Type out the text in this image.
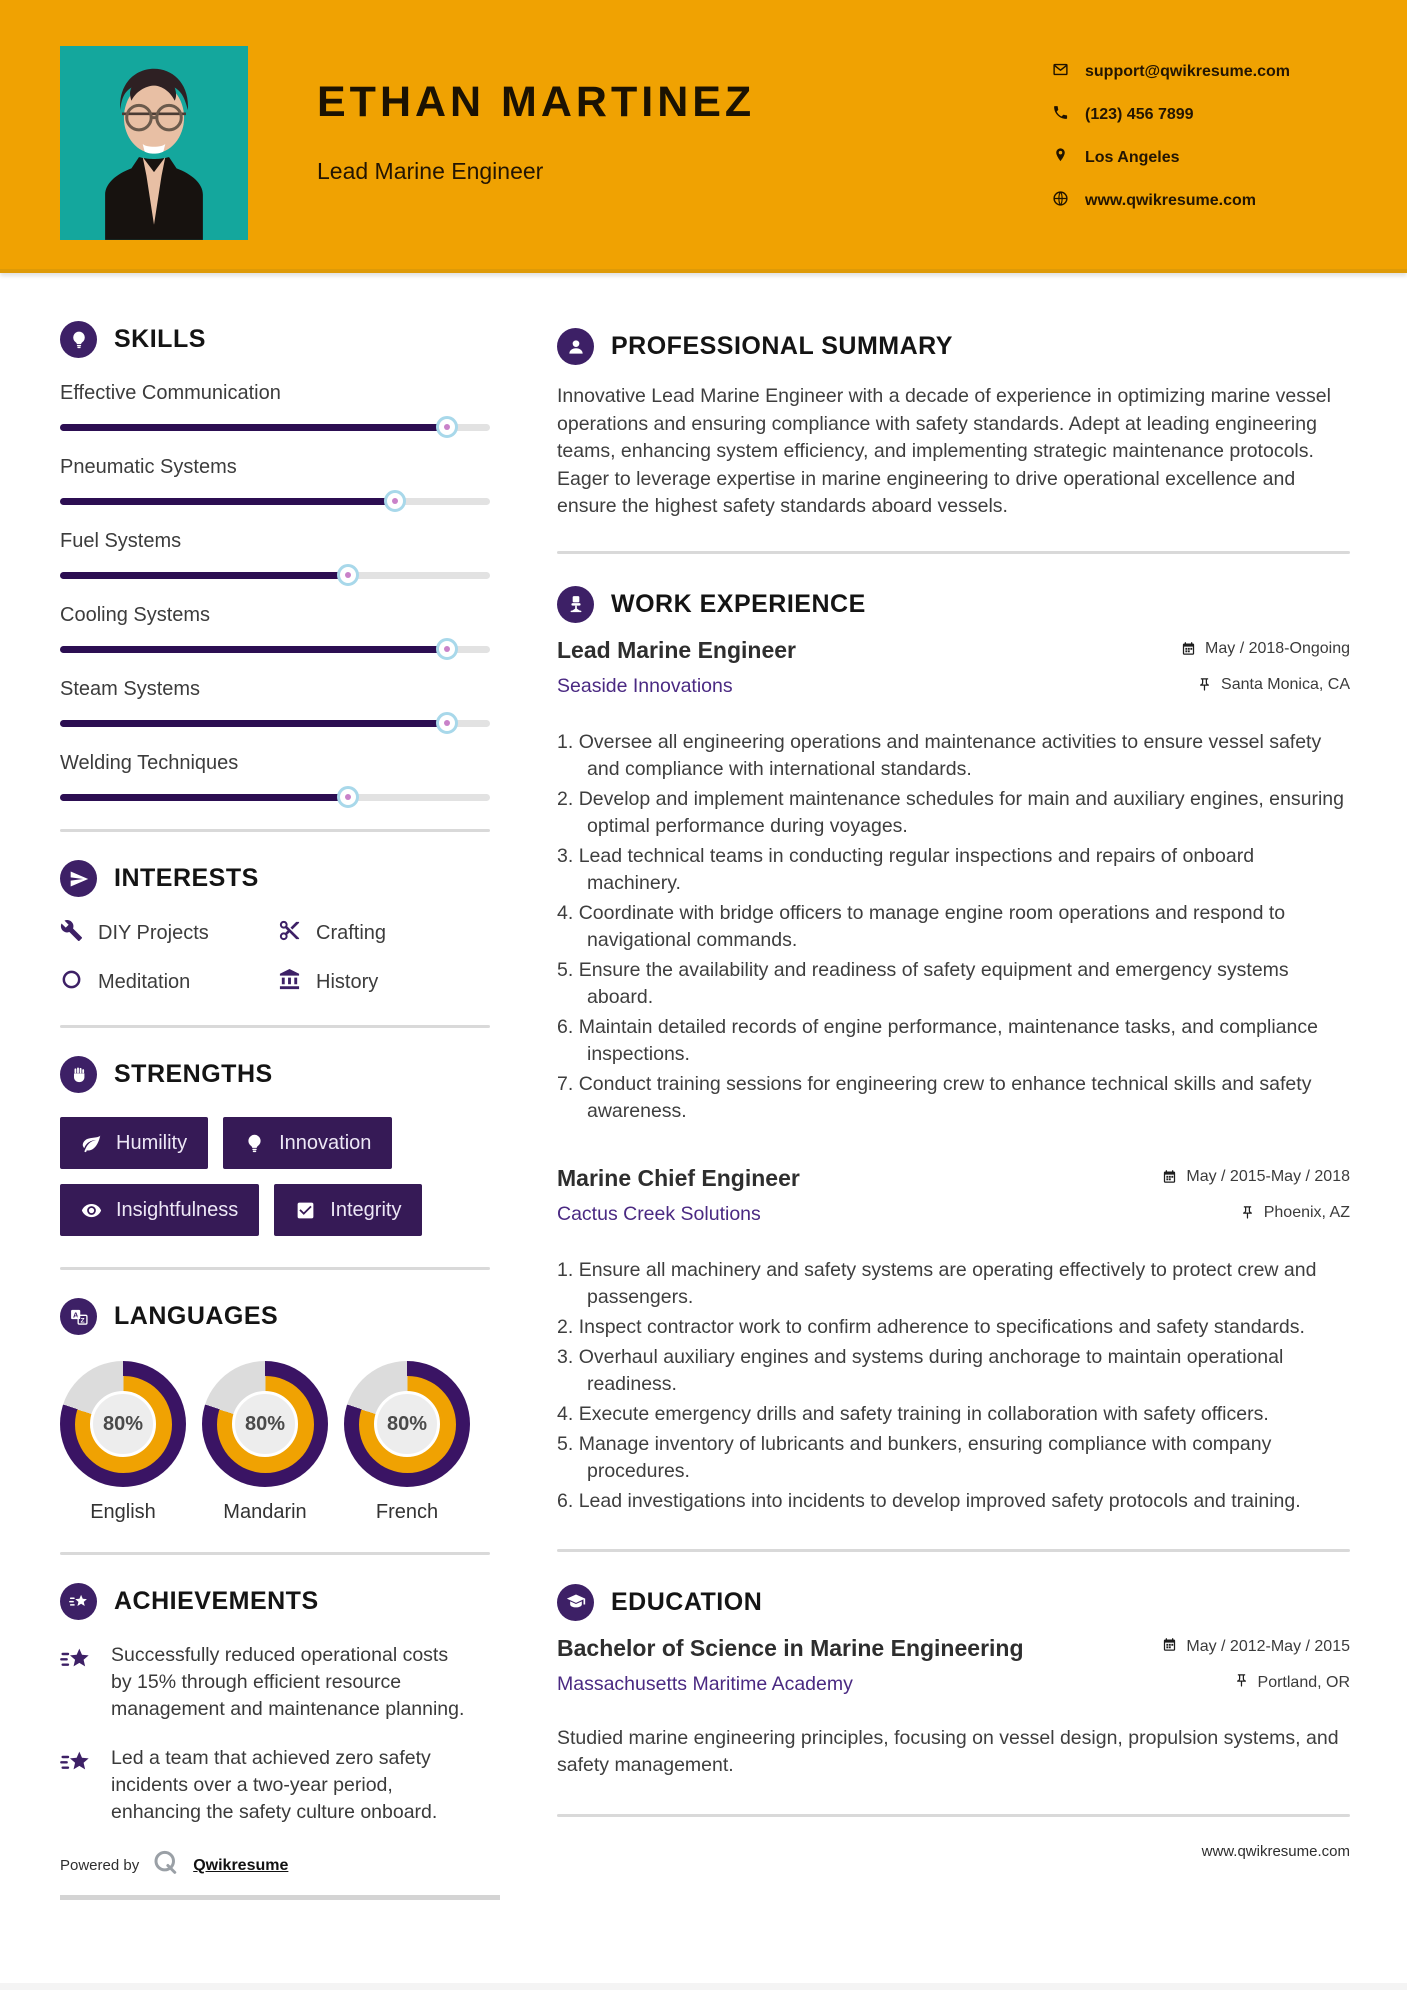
ETHAN MARTINEZ
Lead Marine Engineer
support@qwikresume.com
(123) 456 7899
Los Angeles
www.qwikresume.com
SKILLS
Effective Communication
Pneumatic Systems
Fuel Systems
Cooling Systems
Steam Systems
Welding Techniques
INTERESTS
DIY Projects	Crafting
Meditation	History
STRENGTHS
Humility	Innovation
Insightfulness	Integrity
A
Z LANGUAGES
80%
English
80%
Mandarin
80%
French
ACHIEVEMENTS

Successfully reduced operational costs by 15% through efficient resource management and maintenance planning.

Led a team that achieved zero safety incidents over a two-year period, enhancing the safety culture onboard.

Powered by	Qwikresume
PROFESSIONAL SUMMARY

Innovative Lead Marine Engineer with a decade of experience in optimizing marine vessel operations and ensuring compliance with safety standards. Adept at leading engineering teams, enhancing system efficiency, and implementing strategic maintenance protocols. Eager to leverage expertise in marine engineering to drive operational excellence and ensure the highest safety standards aboard vessels.

WORK EXPERIENCE
Lead Marine Engineer
Seaside Innovations
May / 2018-Ongoing
Santa Monica, CA
Oversee all engineering operations and maintenance activities to ensure vessel safety and compliance with international standards.
Develop and implement maintenance schedules for main and auxiliary engines, ensuring optimal performance during voyages.
Lead technical teams in conducting regular inspections and repairs of onboard machinery.
Coordinate with bridge officers to manage engine room operations and respond to navigational commands.
Ensure the availability and readiness of safety equipment and emergency systems aboard.
Maintain detailed records of engine performance, maintenance tasks, and compliance inspections.
Conduct training sessions for engineering crew to enhance technical skills and safety awareness.
Marine Chief Engineer
Cactus Creek Solutions
May / 2015-May / 2018
Phoenix, AZ
Ensure all machinery and safety systems are operating effectively to protect crew and passengers.
Inspect contractor work to confirm adherence to specifications and safety standards.
Overhaul auxiliary engines and systems during anchorage to maintain operational readiness.
Execute emergency drills and safety training in collaboration with safety officers.
Manage inventory of lubricants and bunkers, ensuring compliance with company procedures.
Lead investigations into incidents to develop improved safety protocols and training.
EDUCATION
Bachelor of Science in Marine Engineering
Massachusetts Maritime Academy
May / 2012-May / 2015
Portland, OR

Studied marine engineering principles, focusing on vessel design, propulsion systems, and safety management.

www.qwikresume.com
